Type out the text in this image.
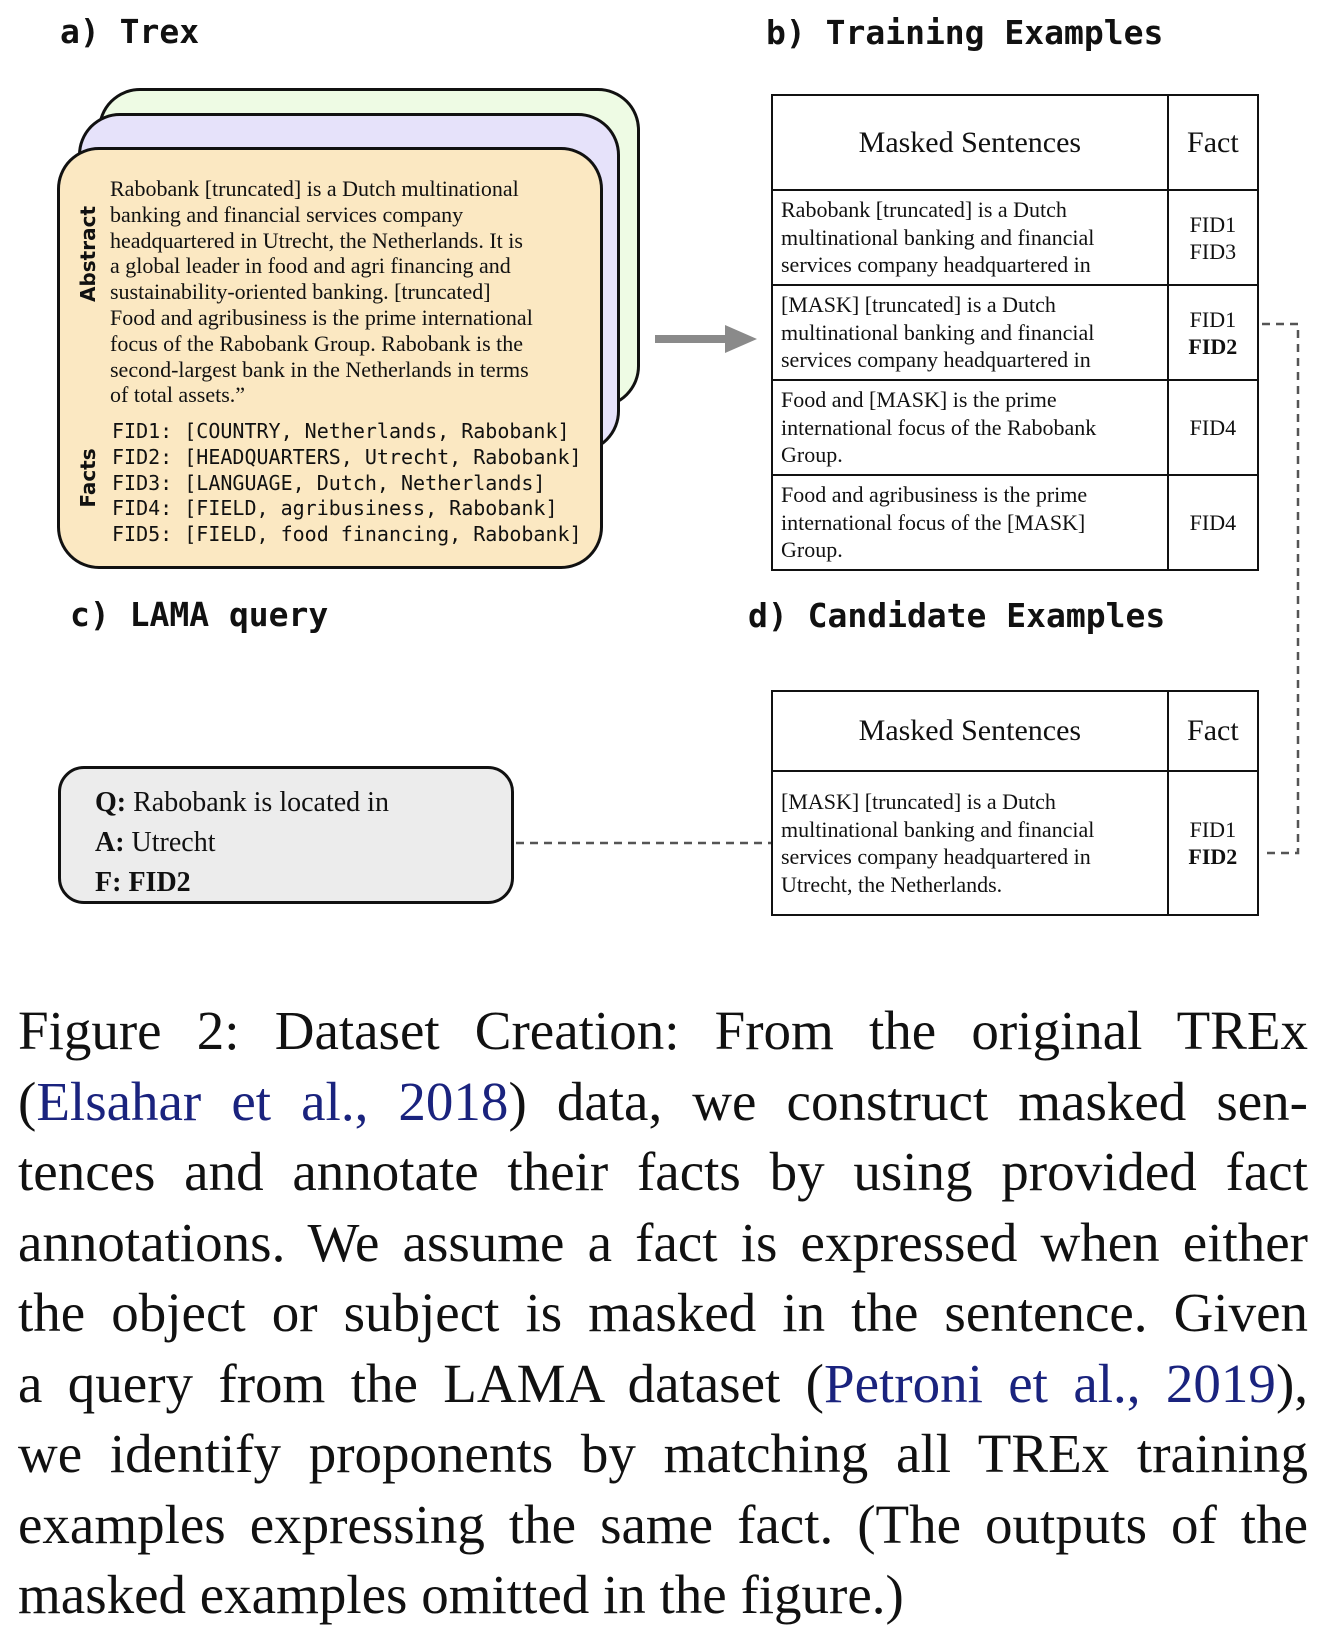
a) Trex	b) Training Examples
c) LAMA query	d) Candidate Examples
Abstract
Facts
Rabobank [truncated] is a Dutch multinational
banking and financial services company
headquartered in Utrecht, the Netherlands. It is
a global leader in food and agri financing and
sustainability-oriented banking. [truncated]
Food and agribusiness is the prime international
focus of the Rabobank Group. Rabobank is the
second-largest bank in the Netherlands in terms
of total assets.”
FID1: [COUNTRY, Netherlands, Rabobank]
FID2: [HEADQUARTERS, Utrecht, Rabobank]
FID3: [LANGUAGE, Dutch, Netherlands]
FID4: [FIELD, agribusiness, Rabobank]
FID5: [FIELD, food financing, Rabobank]
Masked Sentences	Fact

Rabobank [truncated] is a Dutch
multinational banking and financial
services company headquartered in	FID1
FID3

[MASK] [truncated] is a Dutch
multinational banking and financial
services company headquartered in	FID1
FID2

Food and [MASK] is the prime
international focus of the Rabobank
Group.	FID4

Food and agribusiness is the prime
international focus of the [MASK]
Group.	FID4
Masked Sentences	Fact

[MASK] [truncated] is a Dutch
multinational banking and financial
services company headquartered in
Utrecht, the Netherlands.	FID1
FID2
Q: Rabobank is located in
A: Utrecht
F: FID2
Figure 2: Dataset Creation: From the original TREx
(Elsahar et al., 2018) data, we construct masked sen-
tences and annotate their facts by using provided fact
annotations. We assume a fact is expressed when either
the object or subject is masked in the sentence. Given
a query from the LAMA dataset (Petroni et al., 2019),
we identify proponents by matching all TREx training
examples expressing the same fact. (The outputs of the
masked examples omitted in the figure.)
